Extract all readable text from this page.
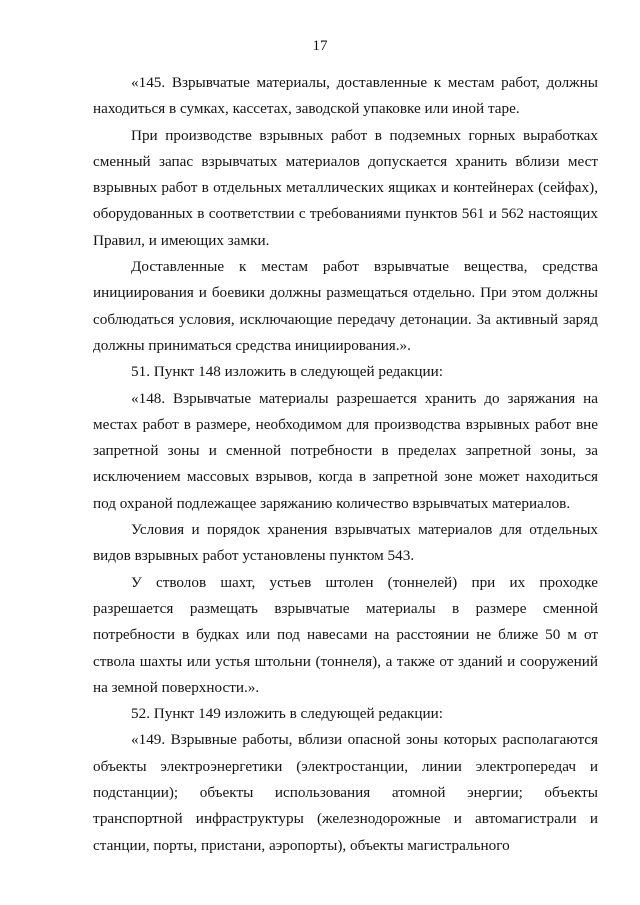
17

«145. Взрывчатые материалы, доставленные к местам работ, должны находиться в сумках, кассетах, заводской упаковке или иной таре.

При производстве взрывных работ в подземных горных выработках сменный запас взрывчатых материалов допускается хранить вблизи мест взрывных работ в отдельных металлических ящиках и контейнерах (сейфах), оборудованных в соответствии с требованиями пунктов 561 и 562 настоящих Правил, и имеющих замки.

Доставленные к местам работ взрывчатые вещества, средства инициирования и боевики должны размещаться отдельно. При этом должны соблюдаться условия, исключающие передачу детонации. За активный заряд должны приниматься средства инициирования.».

51. Пункт 148 изложить в следующей редакции:

«148. Взрывчатые материалы разрешается хранить до заряжания на местах работ в размере, необходимом для производства взрывных работ вне запретной зоны и сменной потребности в пределах запретной зоны, за исключением массовых взрывов, когда в запретной зоне может находиться под охраной подлежащее заряжанию количество взрывчатых материалов.

Условия и порядок хранения взрывчатых материалов для отдельных видов взрывных работ установлены пунктом 543.

У стволов шахт, устьев штолен (тоннелей) при их проходке разрешается размещать взрывчатые материалы в размере сменной потребности в будках или под навесами на расстоянии не ближе 50 м от ствола шахты или устья штольни (тоннеля), а также от зданий и сооружений на земной поверхности.».

52. Пункт 149 изложить в следующей редакции:

«149. Взрывные работы, вблизи опасной зоны которых располагаются объекты электроэнергетики (электростанции, линии электропередач и подстанции); объекты использования атомной энергии; объекты транспортной инфраструктуры (железнодорожные и автомагистрали и станции, порты, пристани, аэропорты), объекты магистрального
